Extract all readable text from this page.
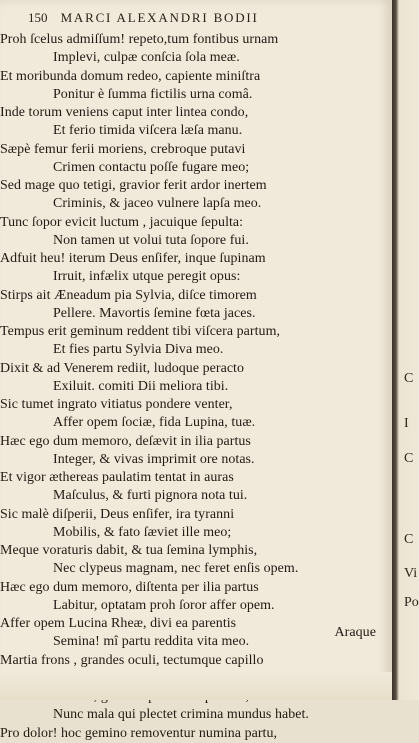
150 MARCI ALEXANDRI BODII
Proh ſcelus admiſſum! repeto,tum fontibus urnam
Implevi, culpæ conſcia ſola meæ.
Et moribunda domum redeo, capiente miniſtra
Ponitur è ſumma fictilis urna comâ.
Inde torum veniens caput inter lintea condo,
Et ferio timida viſcera læſa manu.
Sæpè femur ferii moriens, crebroque putavi
Crimen contactu poſſe fugare meo;
Sed mage quo tetigi, gravior ferit ardor inertem
Criminis, & jaceo vulnere lapſa meo.
Tunc ſopor evicit luctum , jacuique ſepulta:
Non tamen ut volui tuta ſopore fui.
Adfuit heu! iterum Deus enſifer, inque ſupinam
Irruit, infælix utque peregit opus:
Stirps ait Æneadum pia Sylvia, diſce timorem
Pellere. Mavortis ſemine fœta jaces.
Tempus erit geminum reddent tibi viſcera partum,
Et fies partu Sylvia Diva meo.
Dixit & ad Venerem rediit, ludoque peracto
Exiluit. comiti Dii meliora tibi.
Sic tumet ingrato vitiatus pondere venter,
Affer opem ſociæ, fida Lupina, tuæ.
Hæc ego dum memoro, deſævit in ilia partus
Integer, & vivas imprimit ore notas.
Et vigor æthereas paulatim tentat in auras
Maſculus, & furti pignora nota tui.
Sic malè diſperii, Deus enſifer, ira tyranni
Mobilis, & fato ſæviet ille meo;
Meque voraturis dabit, & tua ſemina lymphis,
Nec clypeus magnam, nec feret enſis opem.
Hæc ego dum memoro, diſtenta per ilia partus
Labitur, optatam proh ſoror affer opem.
Affer opem Lucina Rheæ, divi ea parentis
Semina! mî partu reddita vita meo.
Martia frons , grandes oculi, tectumque capillo
Nunc mala qui plectet crimina mundus habet.
Pro dolor! hoc gemino removentur numina partu,
Araque
C
I
C
C
Vi
Po
